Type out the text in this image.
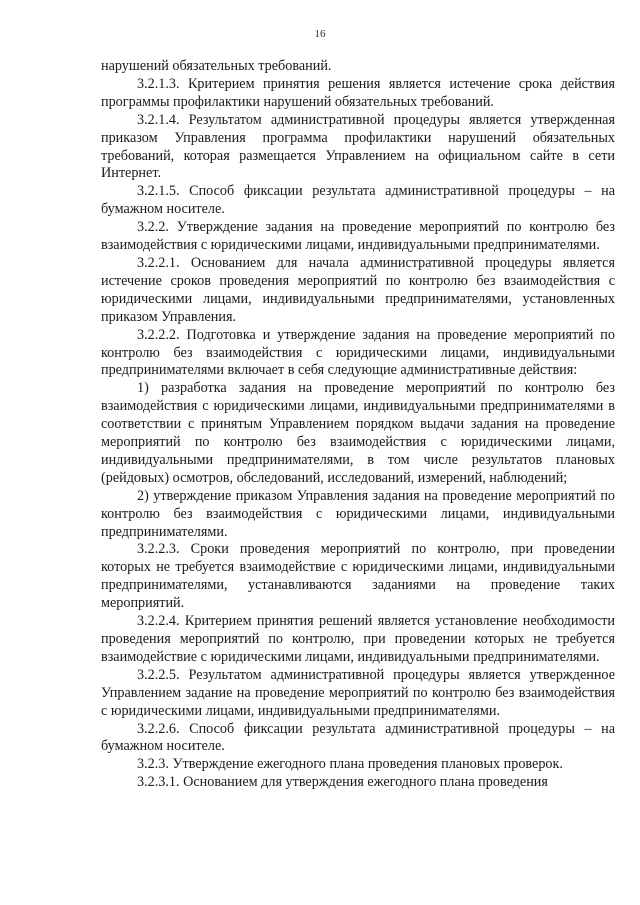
16

нарушений обязательных требований.

3.2.1.3. Критерием принятия решения является истечение срока действия программы профилактики нарушений обязательных требований.

3.2.1.4. Результатом административной процедуры является утвержденная приказом Управления программа профилактики нарушений обязательных требований, которая размещается Управлением на официальном сайте в сети Интернет.

3.2.1.5. Способ фиксации результата административной процедуры – на бумажном носителе.

3.2.2. Утверждение задания на проведение мероприятий по контролю без взаимодействия с юридическими лицами, индивидуальными предпринимателями.

3.2.2.1. Основанием для начала административной процедуры является истечение сроков проведения мероприятий по контролю без взаимодействия с юридическими лицами, индивидуальными предпринимателями, установленных приказом Управления.

3.2.2.2. Подготовка и утверждение задания на проведение мероприятий по контролю без взаимодействия с юридическими лицами, индивидуальными предпринимателями включает в себя следующие административные действия:

1) разработка задания на проведение мероприятий по контролю без взаимодействия с юридическими лицами, индивидуальными предпринимателями в соответствии с принятым Управлением порядком выдачи задания на проведение мероприятий по контролю без взаимодействия с юридическими лицами, индивидуальными предпринимателями, в том числе результатов плановых (рейдовых) осмотров, обследований, исследований, измерений, наблюдений;

2) утверждение приказом Управления задания на проведение мероприятий по контролю без взаимодействия с юридическими лицами, индивидуальными предпринимателями.

3.2.2.3. Сроки проведения мероприятий по контролю, при проведении которых не требуется взаимодействие с юридическими лицами, индивидуальными предпринимателями, устанавливаются заданиями на проведение таких мероприятий.

3.2.2.4. Критерием принятия решений является установление необходимости проведения мероприятий по контролю, при проведении которых не требуется взаимодействие с юридическими лицами, индивидуальными предпринимателями.

3.2.2.5. Результатом административной процедуры является утвержденное Управлением задание на проведение мероприятий по контролю без взаимодействия с юридическими лицами, индивидуальными предпринимателями.

3.2.2.6. Способ фиксации результата административной процедуры – на бумажном носителе.

3.2.3. Утверждение ежегодного плана проведения плановых проверок.

3.2.3.1. Основанием для утверждения ежегодного плана проведения
